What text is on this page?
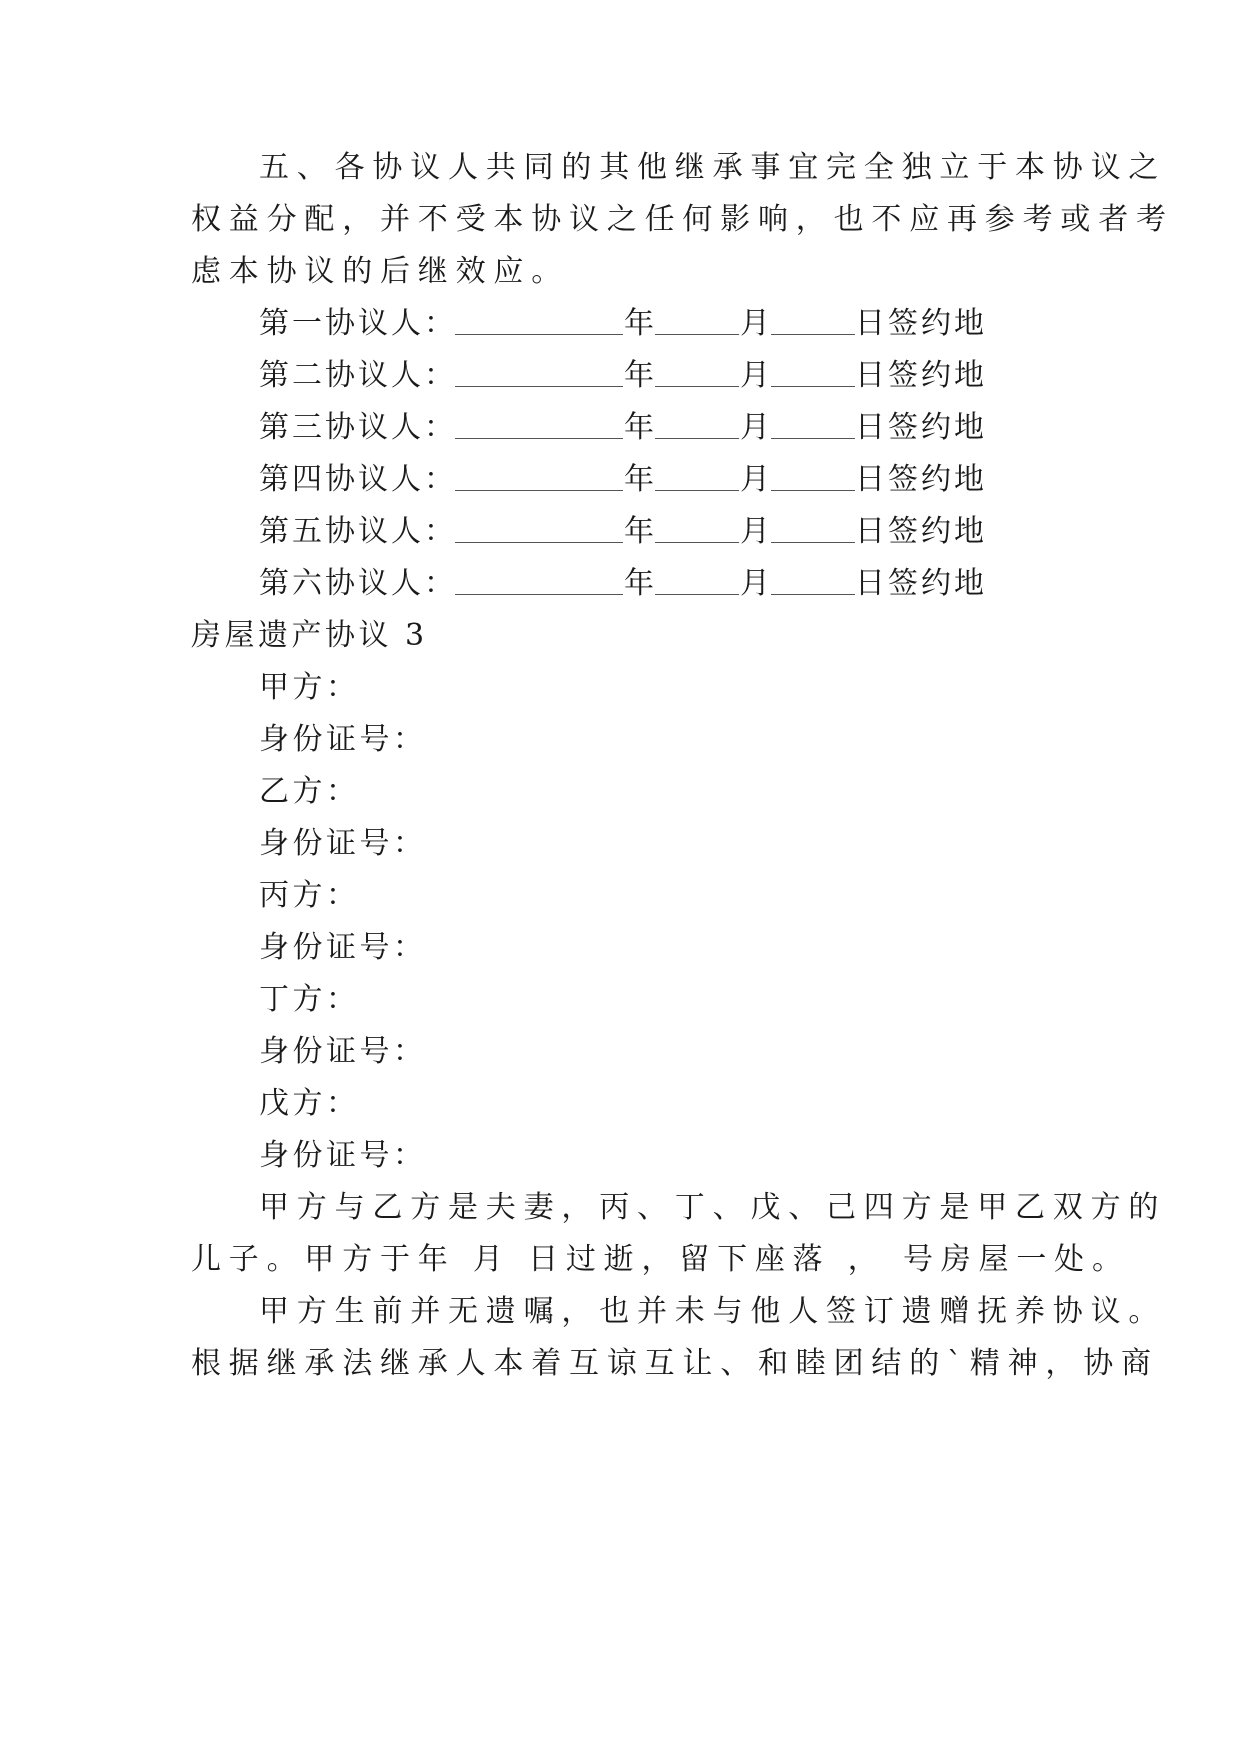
五、各协议人共同的其他继承事宜完全独立于本协议之
权益分配，并不受本协议之任何影响，也不应再参考或者考
虑本协议的后继效应。
第一协议人：	年	月	日签约地
第二协议人：	年	月	日签约地
第三协议人：	年	月	日签约地
第四协议人：	年	月	日签约地
第五协议人：	年	月	日签约地
第六协议人：	年	月	日签约地
房屋遗产协议 3
甲方：
身份证号：
乙方：
身份证号：
丙方：
身份证号：
丁方：
身份证号：
戊方：
身份证号：
甲方与乙方是夫妻，丙、丁、戊、己四方是甲乙双方的
儿子。甲方于年 月 日过逝，留下座落 ， 号房屋一处。
甲方生前并无遗嘱，也并未与他人签订遗赠抚养协议。
根据继承法继承人本着互谅互让、和睦团结的`精神，协商
